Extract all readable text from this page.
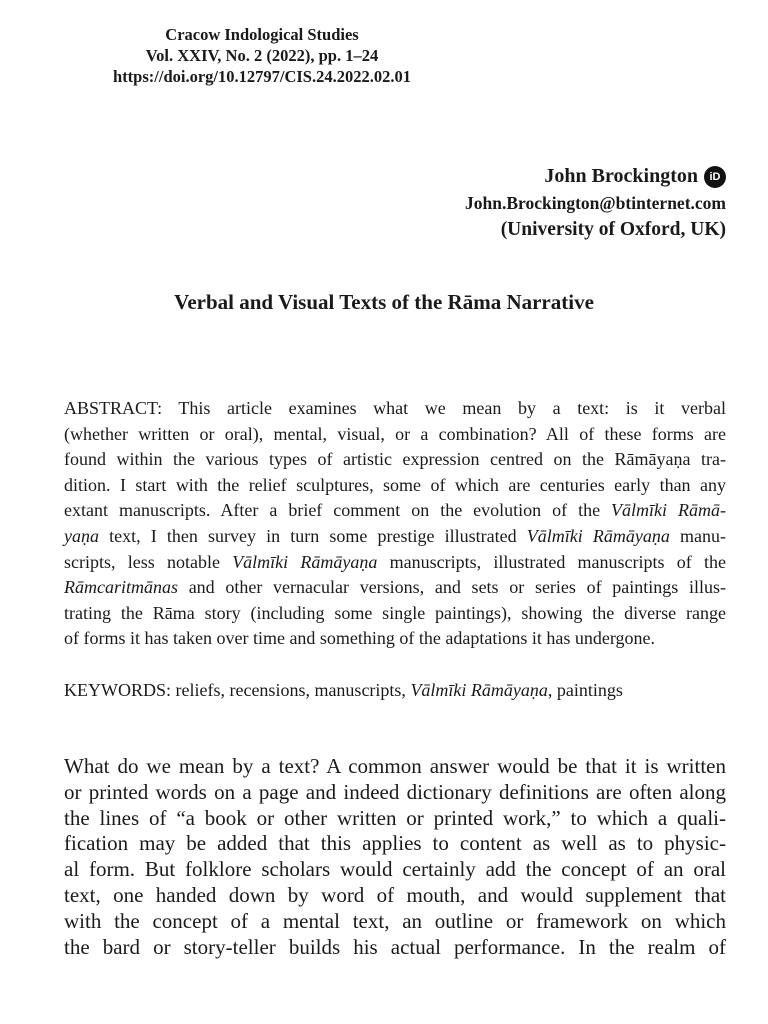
Cracow Indological Studies
Vol. XXIV, No. 2 (2022), pp. 1–24
https://doi.org/10.12797/CIS.24.2022.02.01
John Brockington iD
John.Brockington@btinternet.com
(University of Oxford, UK)
Verbal and Visual Texts of the Rāma Narrative
ABSTRACT: This article examines what we mean by a text: is it verbal
(whether written or oral), mental, visual, or a combination? All of these forms are
found within the various types of artistic expression centred on the Rāmāyaṇa tra-
dition. I start with the relief sculptures, some of which are centuries early than any
extant manuscripts. After a brief comment on the evolution of the Vālmīki Rāmā-
yaṇa text, I then survey in turn some prestige illustrated Vālmīki Rāmāyaṇa manu-
scripts, less notable Vālmīki Rāmāyaṇa manuscripts, illustrated manuscripts of the
Rāmcaritmānas and other vernacular versions, and sets or series of paintings illus-
trating the Rāma story (including some single paintings), showing the diverse range
of forms it has taken over time and something of the adaptations it has undergone.
KEYWORDS: reliefs, recensions, manuscripts, Vālmīki Rāmāyaṇa, paintings
What do we mean by a text? A common answer would be that it is written
or printed words on a page and indeed dictionary definitions are often along
the lines of “a book or other written or printed work,” to which a quali-
fication may be added that this applies to content as well as to physic-
al form. But folklore scholars would certainly add the concept of an oral
text, one handed down by word of mouth, and would supplement that
with the concept of a mental text, an outline or framework on which
the bard or story-teller builds his actual performance. In the realm of
